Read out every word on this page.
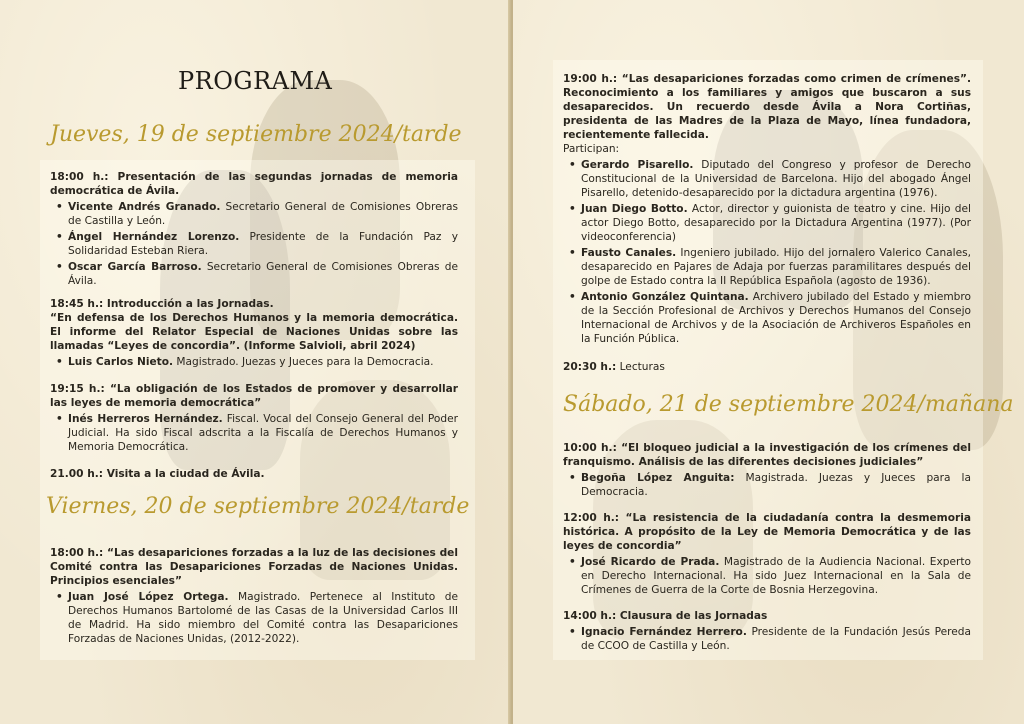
PROGRAMA
Jueves, 19 de septiembre 2024/tarde

18:00 h.: Presentación de las segundas jornadas de memoria democrática de Ávila.

• Vicente Andrés Granado. Secretario General de Comisiones Obreras de Castilla y León.
• Ángel Hernández Lorenzo. Presidente de la Fundación Paz y Solidaridad Esteban Riera.
• Oscar García Barroso. Secretario General de Comisiones Obreras de Ávila.

18:45 h.: Introducción a las Jornadas.

“En defensa de los Derechos Humanos y la memoria democrática. El informe del Relator Especial de Naciones Unidas sobre las llamadas “Leyes de concordia”. (Informe Salvioli, abril 2024)

• Luis Carlos Nieto. Magistrado. Juezas y Jueces para la Democracia.

19:15 h.: “La obligación de los Estados de promover y desarrollar las leyes de memoria democrática”

• Inés Herreros Hernández. Fiscal. Vocal del Consejo General del Poder Judicial. Ha sido Fiscal adscrita a la Fiscalía de Derechos Humanos y Memoria Democrática.

21.00 h.: Visita a la ciudad de Ávila.

Viernes, 20 de septiembre 2024/tarde

18:00 h.: “Las desapariciones forzadas a la luz de las decisiones del Comité contra las Desapariciones Forzadas de Naciones Unidas. Principios esenciales”

• Juan José López Ortega. Magistrado. Pertenece al Instituto de Derechos Humanos Bartolomé de las Casas de la Universidad Carlos III de Madrid. Ha sido miembro del Comité contra las Desapariciones Forzadas de Naciones Unidas, (2012-2022).

19:00 h.: “Las desapariciones forzadas como crimen de crímenes”. Reconocimiento a los familiares y amigos que buscaron a sus desaparecidos. Un recuerdo desde Ávila a Nora Cortiñas, presidenta de las Madres de la Plaza de Mayo, línea fundadora, recientemente fallecida.

Participan:

• Gerardo Pisarello. Diputado del Congreso y profesor de Derecho Constitucional de la Universidad de Barcelona. Hijo del abogado Ángel Pisarello, detenido-desaparecido por la dictadura argentina (1976).
• Juan Diego Botto. Actor, director y guionista de teatro y cine. Hijo del actor Diego Botto, desaparecido por la Dictadura Argentina (1977). (Por videoconferencia)
• Fausto Canales. Ingeniero jubilado. Hijo del jornalero Valerico Canales, desaparecido en Pajares de Adaja por fuerzas paramilitares después del golpe de Estado contra la II República Española (agosto de 1936).
• Antonio González Quintana. Archivero jubilado del Estado y miembro de la Sección Profesional de Archivos y Derechos Humanos del Consejo Internacional de Archivos y de la Asociación de Archiveros Españoles en la Función Pública.

20:30 h.: Lecturas

Sábado, 21 de septiembre 2024/mañana

10:00 h.: “El bloqueo judicial a la investigación de los crímenes del franquismo. Análisis de las diferentes decisiones judiciales”

• Begoña López Anguita: Magistrada. Juezas y Jueces para la Democracia.

12:00 h.: “La resistencia de la ciudadanía contra la desmemoria histórica. A propósito de la Ley de Memoria Democrática y de las leyes de concordia”

• José Ricardo de Prada. Magistrado de la Audiencia Nacional. Experto en Derecho Internacional. Ha sido Juez Internacional en la Sala de Crímenes de Guerra de la Corte de Bosnia Herzegovina.

14:00 h.: Clausura de las Jornadas

• Ignacio Fernández Herrero. Presidente de la Fundación Jesús Pereda de CCOO de Castilla y León.
